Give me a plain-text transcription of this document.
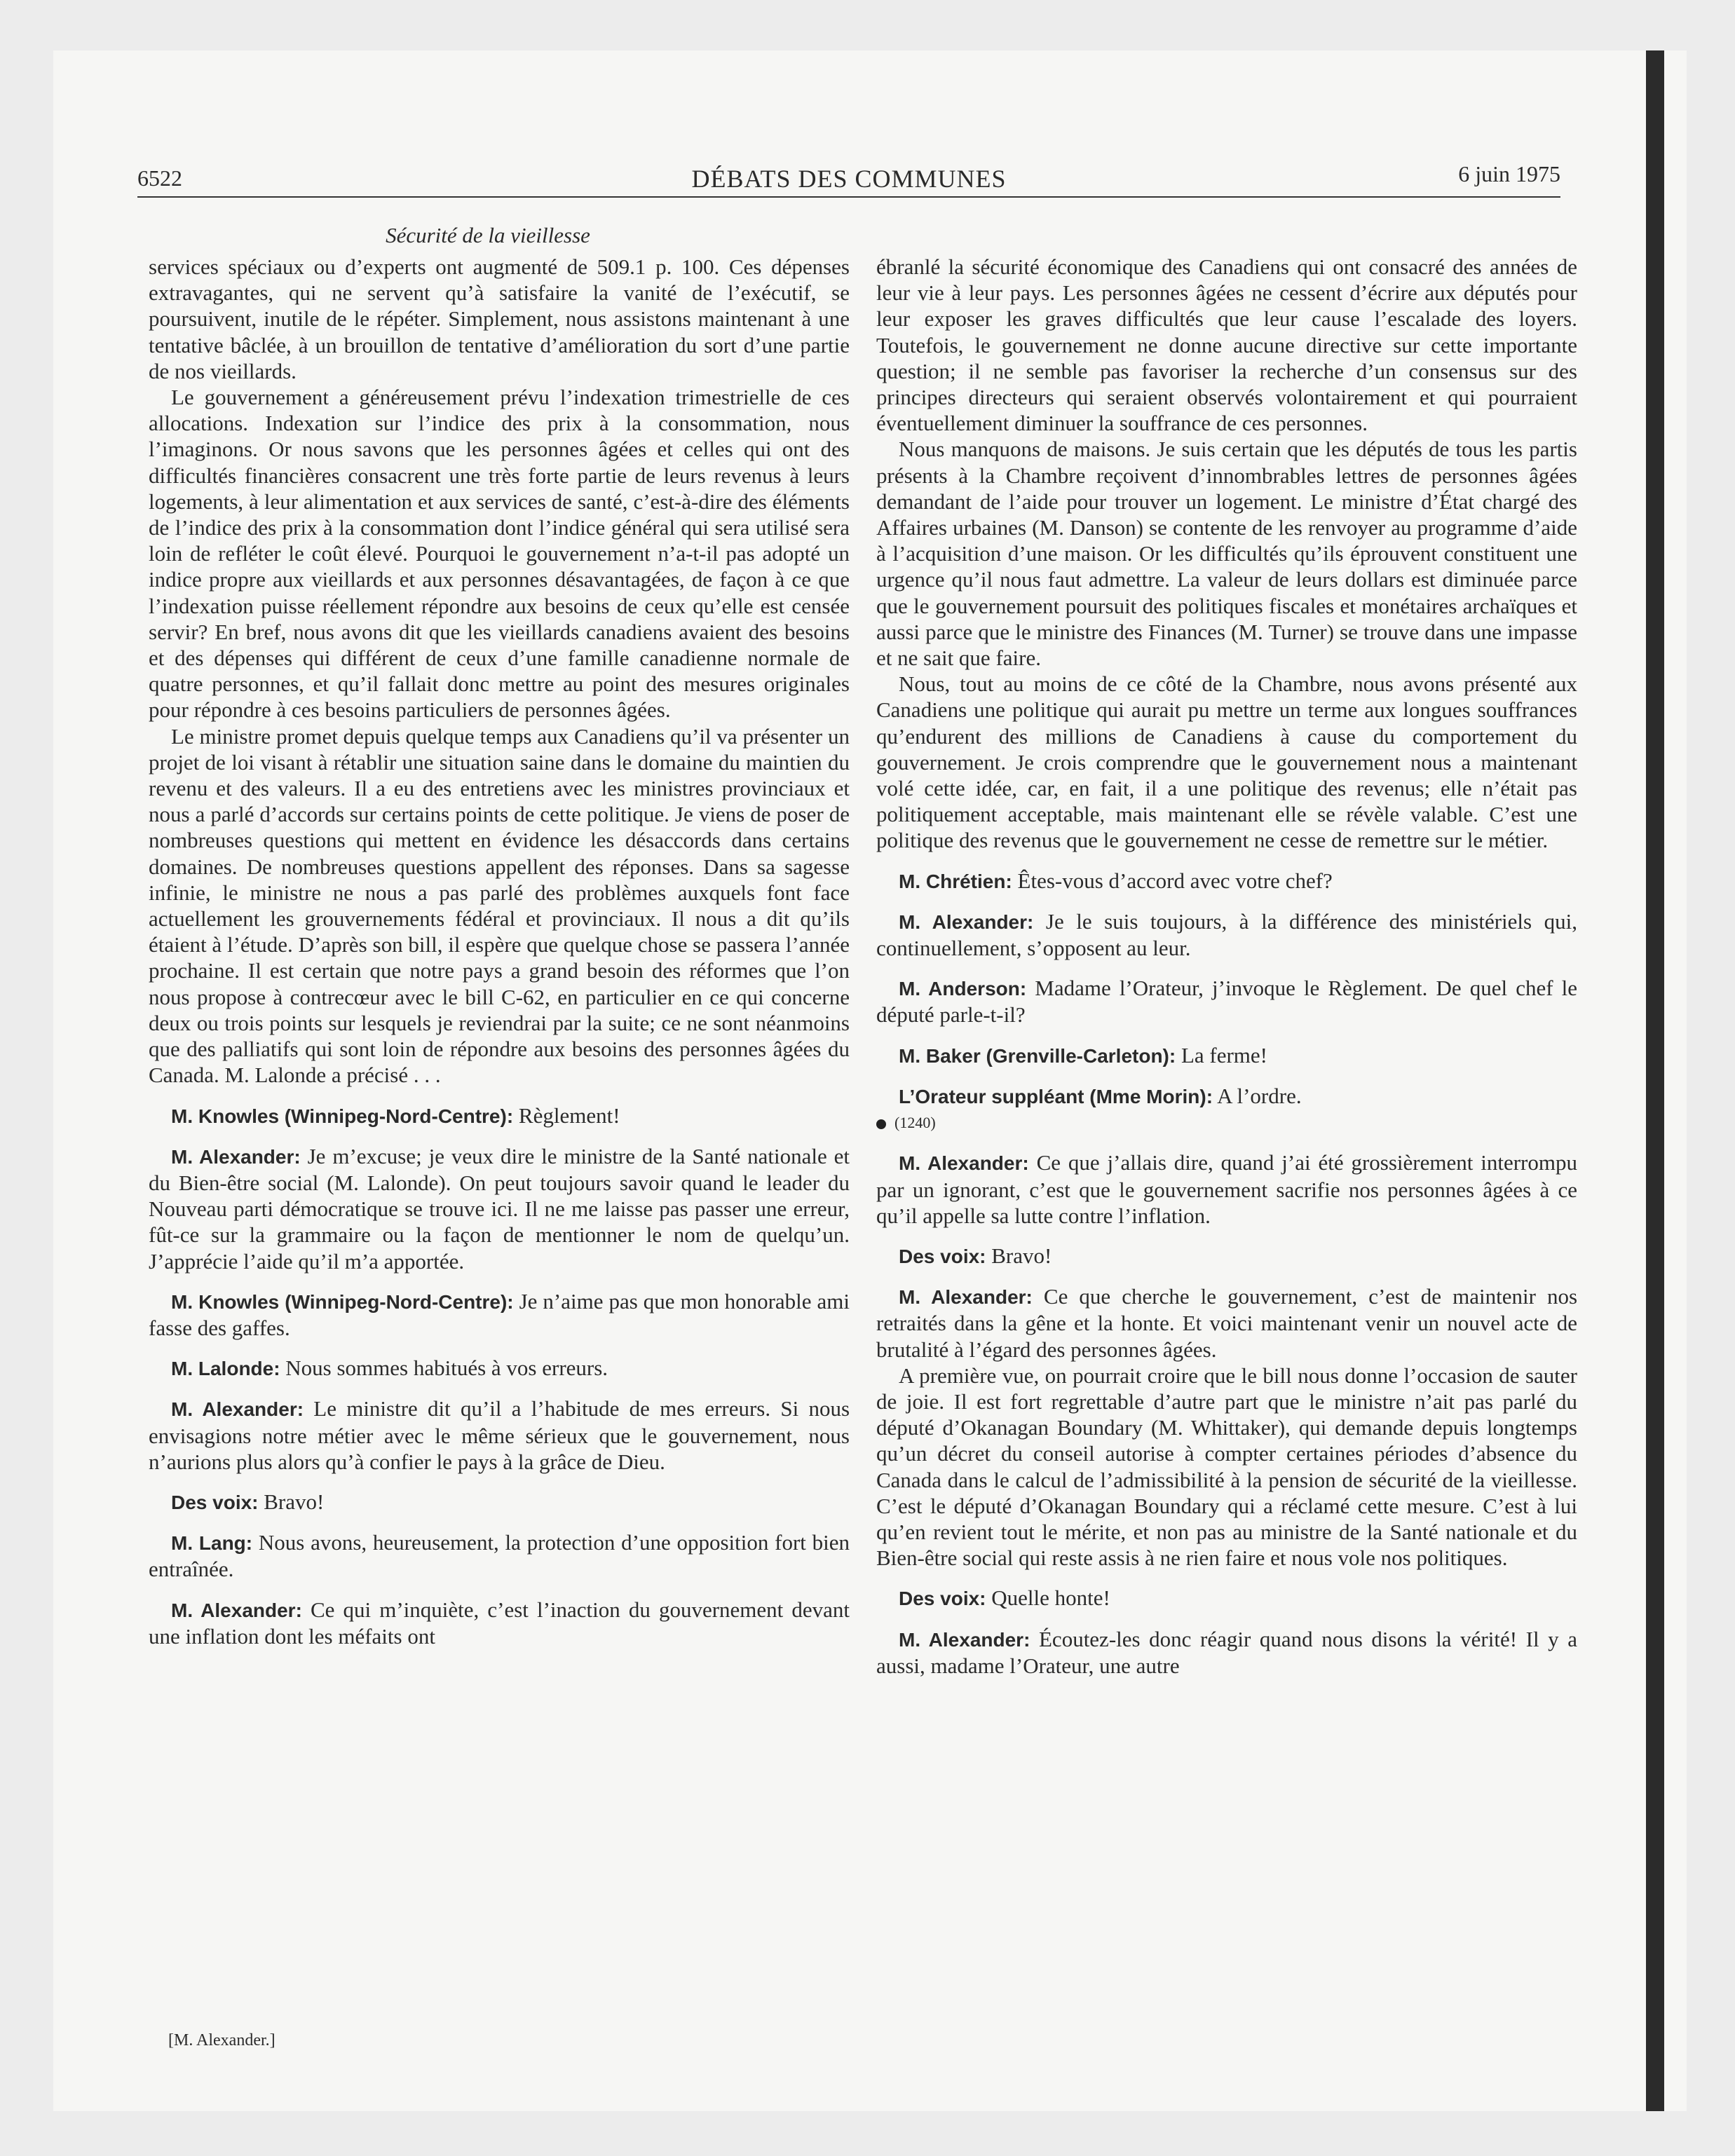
6522	DÉBATS DES COMMUNES	6 juin 1975
Sécurité de la vieillesse

services spéciaux ou d’experts ont augmenté de 509.1 p. 100. Ces dépenses extravagantes, qui ne servent qu’à satisfaire la vanité de l’exécutif, se poursuivent, inutile de le répéter. Simplement, nous assistons maintenant à une tentative bâclée, à un brouillon de tentative d’amélioration du sort d’une partie de nos vieillards.

Le gouvernement a généreusement prévu l’indexation trimestrielle de ces allocations. Indexation sur l’indice des prix à la consommation, nous l’imaginons. Or nous savons que les personnes âgées et celles qui ont des difficultés financières consacrent une très forte partie de leurs revenus à leurs logements, à leur alimentation et aux services de santé, c’est-à-dire des éléments de l’indice des prix à la consommation dont l’indice général qui sera utilisé sera loin de refléter le coût élevé. Pourquoi le gouvernement n’a-t-il pas adopté un indice propre aux vieillards et aux personnes désavantagées, de façon à ce que l’indexation puisse réellement répondre aux besoins de ceux qu’elle est censée servir? En bref, nous avons dit que les vieillards canadiens avaient des besoins et des dépenses qui différent de ceux d’une famille canadienne normale de quatre personnes, et qu’il fallait donc mettre au point des mesures originales pour répondre à ces besoins particuliers de personnes âgées.

Le ministre promet depuis quelque temps aux Canadiens qu’il va présenter un projet de loi visant à rétablir une situation saine dans le domaine du maintien du revenu et des valeurs. Il a eu des entretiens avec les ministres provinciaux et nous a parlé d’accords sur certains points de cette politique. Je viens de poser de nombreuses questions qui mettent en évidence les désaccords dans certains domaines. De nombreuses questions appellent des réponses. Dans sa sagesse infinie, le ministre ne nous a pas parlé des problèmes auxquels font face actuellement les grouvernements fédéral et provinciaux. Il nous a dit qu’ils étaient à l’étude. D’après son bill, il espère que quelque chose se passera l’année prochaine. Il est certain que notre pays a grand besoin des réformes que l’on nous propose à contrecœur avec le bill C-62, en particulier en ce qui concerne deux ou trois points sur lesquels je reviendrai par la suite; ce ne sont néanmoins que des palliatifs qui sont loin de répondre aux besoins des personnes âgées du Canada. M. Lalonde a précisé . . .

M. Knowles (Winnipeg-Nord-Centre): Règlement!

M. Alexander: Je m’excuse; je veux dire le ministre de la Santé nationale et du Bien-être social (M. Lalonde). On peut toujours savoir quand le leader du Nouveau parti démocratique se trouve ici. Il ne me laisse pas passer une erreur, fût-ce sur la grammaire ou la façon de mentionner le nom de quelqu’un. J’apprécie l’aide qu’il m’a apportée.

M. Knowles (Winnipeg-Nord-Centre): Je n’aime pas que mon honorable ami fasse des gaffes.

M. Lalonde: Nous sommes habitués à vos erreurs.

M. Alexander: Le ministre dit qu’il a l’habitude de mes erreurs. Si nous envisagions notre métier avec le même sérieux que le gouvernement, nous n’aurions plus alors qu’à confier le pays à la grâce de Dieu.

Des voix: Bravo!

M. Lang: Nous avons, heureusement, la protection d’une opposition fort bien entraînée.

M. Alexander: Ce qui m’inquiète, c’est l’inaction du gouvernement devant une inflation dont les méfaits ont

ébranlé la sécurité économique des Canadiens qui ont consacré des années de leur vie à leur pays. Les personnes âgées ne cessent d’écrire aux députés pour leur exposer les graves difficultés que leur cause l’escalade des loyers. Toutefois, le gouvernement ne donne aucune directive sur cette importante question; il ne semble pas favoriser la recherche d’un consensus sur des principes directeurs qui seraient observés volontairement et qui pourraient éventuellement diminuer la souffrance de ces personnes.

Nous manquons de maisons. Je suis certain que les députés de tous les partis présents à la Chambre reçoivent d’innombrables lettres de personnes âgées demandant de l’aide pour trouver un logement. Le ministre d’État chargé des Affaires urbaines (M. Danson) se contente de les renvoyer au programme d’aide à l’acquisition d’une maison. Or les difficultés qu’ils éprouvent constituent une urgence qu’il nous faut admettre. La valeur de leurs dollars est diminuée parce que le gouvernement poursuit des politiques fiscales et monétaires archaïques et aussi parce que le ministre des Finances (M. Turner) se trouve dans une impasse et ne sait que faire.

Nous, tout au moins de ce côté de la Chambre, nous avons présenté aux Canadiens une politique qui aurait pu mettre un terme aux longues souffrances qu’endurent des millions de Canadiens à cause du comportement du gouvernement. Je crois comprendre que le gouvernement nous a maintenant volé cette idée, car, en fait, il a une politique des revenus; elle n’était pas politiquement acceptable, mais maintenant elle se révèle valable. C’est une politique des revenus que le gouvernement ne cesse de remettre sur le métier.

M. Chrétien: Êtes-vous d’accord avec votre chef?

M. Alexander: Je le suis toujours, à la différence des ministériels qui, continuellement, s’opposent au leur.

M. Anderson: Madame l’Orateur, j’invoque le Règlement. De quel chef le député parle-t-il?

M. Baker (Grenville-Carleton): La ferme!

L’Orateur suppléant (Mme Morin): A l’ordre.

(1240)

M. Alexander: Ce que j’allais dire, quand j’ai été grossièrement interrompu par un ignorant, c’est que le gouvernement sacrifie nos personnes âgées à ce qu’il appelle sa lutte contre l’inflation.

Des voix: Bravo!

M. Alexander: Ce que cherche le gouvernement, c’est de maintenir nos retraités dans la gêne et la honte. Et voici maintenant venir un nouvel acte de brutalité à l’égard des personnes âgées.

A première vue, on pourrait croire que le bill nous donne l’occasion de sauter de joie. Il est fort regrettable d’autre part que le ministre n’ait pas parlé du député d’Okanagan Boundary (M. Whittaker), qui demande depuis longtemps qu’un décret du conseil autorise à compter certaines périodes d’absence du Canada dans le calcul de l’admissibilité à la pension de sécurité de la vieillesse. C’est le député d’Okanagan Boundary qui a réclamé cette mesure. C’est à lui qu’en revient tout le mérite, et non pas au ministre de la Santé nationale et du Bien-être social qui reste assis à ne rien faire et nous vole nos politiques.

Des voix: Quelle honte!

M. Alexander: Écoutez-les donc réagir quand nous disons la vérité! Il y a aussi, madame l’Orateur, une autre

[M. Alexander.]
